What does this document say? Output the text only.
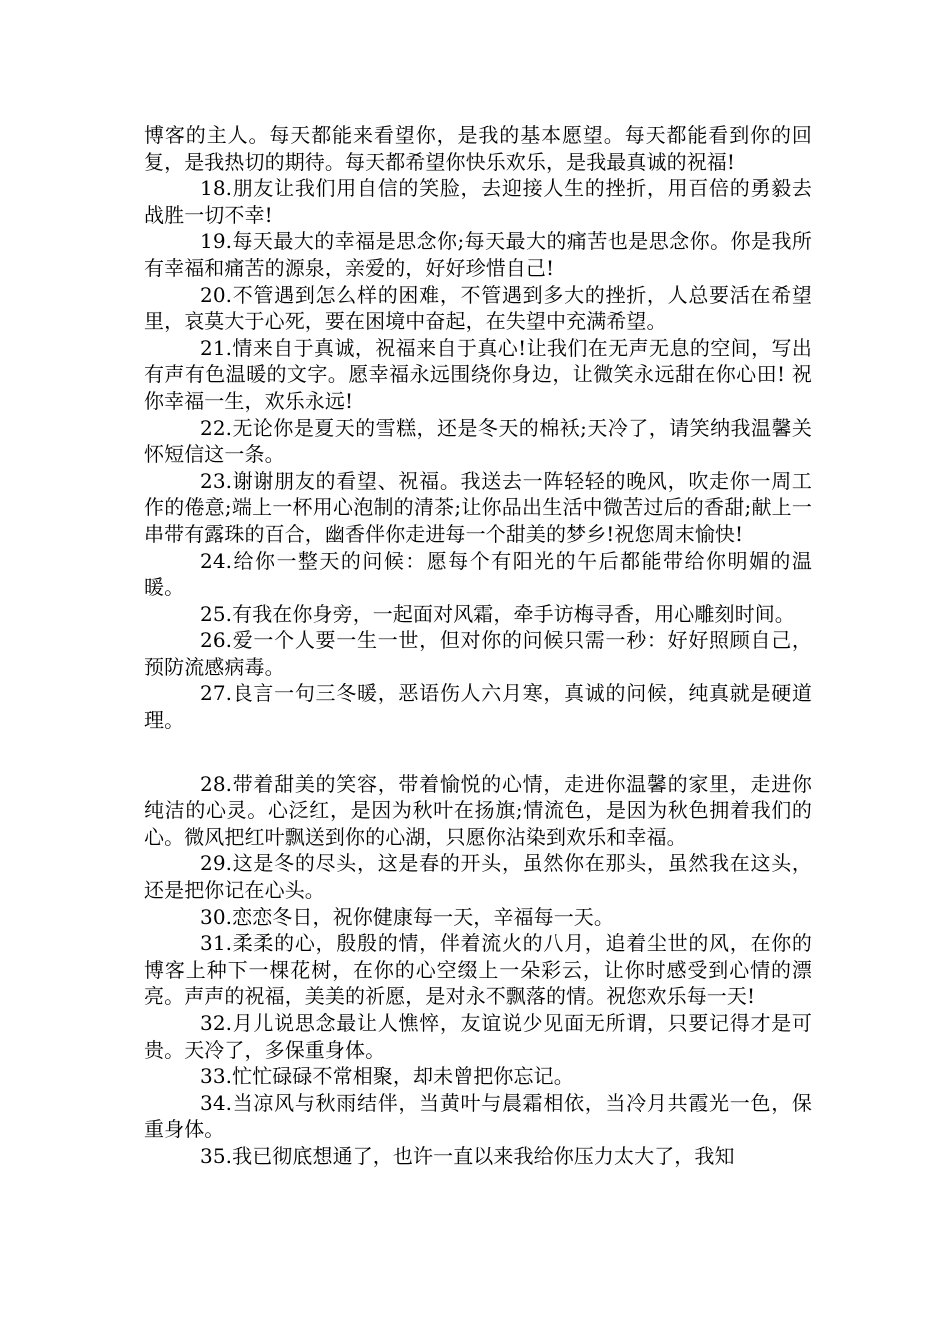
博客的主人。每天都能来看望你，是我的基本愿望。每天都能看到你的回复，是我热切的期待。每天都希望你快乐欢乐，是我最真诚的祝福!

18.朋友让我们用自信的笑脸，去迎接人生的挫折，用百倍的勇毅去战胜一切不幸!

19.每天最大的幸福是思念你;每天最大的痛苦也是思念你。你是我所有幸福和痛苦的源泉，亲爱的，好好珍惜自己!

20.不管遇到怎么样的困难，不管遇到多大的挫折，人总要活在希望里，哀莫大于心死，要在困境中奋起，在失望中充满希望。

21.情来自于真诚，祝福来自于真心!让我们在无声无息的空间，写出有声有色温暖的文字。愿幸福永远围绕你身边，让微笑永远甜在你心田! 祝你幸福一生，欢乐永远!

22.无论你是夏天的雪糕，还是冬天的棉袄;天冷了，请笑纳我温馨关怀短信这一条。

23.谢谢朋友的看望、祝福。我送去一阵轻轻的晚风，吹走你一周工作的倦意;端上一杯用心泡制的清茶;让你品出生活中微苦过后的香甜;献上一串带有露珠的百合，幽香伴你走进每一个甜美的梦乡!祝您周末愉快!

24.给你一整天的问候：愿每个有阳光的午后都能带给你明媚的温暖。

25.有我在你身旁，一起面对风霜，牵手访梅寻香，用心雕刻时间。

26.爱一个人要一生一世，但对你的问候只需一秒：好好照顾自己，预防流感病毒。

27.良言一句三冬暖，恶语伤人六月寒，真诚的问候，纯真就是硬道理。

28.带着甜美的笑容，带着愉悦的心情，走进你温馨的家里，走进你纯洁的心灵。心泛红，是因为秋叶在扬旗;情流色，是因为秋色拥着我们的心。微风把红叶飘送到你的心湖，只愿你沾染到欢乐和幸福。

29.这是冬的尽头，这是春的开头，虽然你在那头，虽然我在这头，还是把你记在心头。

30.恋恋冬日，祝你健康每一天，辛福每一天。

31.柔柔的心，殷殷的情，伴着流火的八月，追着尘世的风，在你的博客上种下一棵花树，在你的心空缀上一朵彩云，让你时感受到心情的漂亮。声声的祝福，美美的祈愿，是对永不飘落的情。祝您欢乐每一天!

32.月儿说思念最让人憔悴，友谊说少见面无所谓，只要记得才是可贵。天冷了，多保重身体。

33.忙忙碌碌不常相聚，却未曾把你忘记。

34.当凉风与秋雨结伴，当黄叶与晨霜相依，当冷月共霞光一色，保重身体。

35.我已彻底想通了，也许一直以来我给你压力太大了，我知
